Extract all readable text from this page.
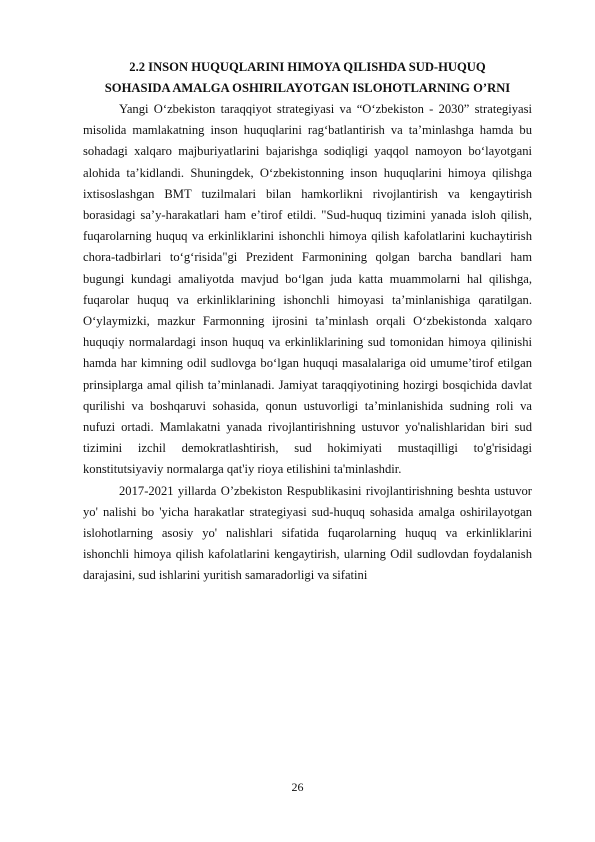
2.2 INSON HUQUQLARINI HIMOYA QILISHDA SUD-HUQUQ
SOHASIDA AMALGA OSHIRILAYOTGAN ISLOHOTLARNING O’RNI

Yangi O‘zbekiston taraqqiyot strategiyasi va “O‘zbekiston - 2030” strategiyasi misolida mamlakatning inson huquqlarini rag‘batlantirish va ta’minlashga hamda bu sohadagi xalqaro majburiyatlarini bajarishga sodiqligi yaqqol namoyon bo‘layotgani alohida ta’kidlandi. Shuningdek, O‘zbekistonning inson huquqlarini himoya qilishga ixtisoslashgan BMT tuzilmalari bilan hamkorlikni rivojlantirish va kengaytirish borasidagi sa’y-harakatlari ham e’tirof etildi. "Sud-huquq tizimini yanada isloh qilish, fuqarolarning huquq va erkinliklarini ishonchli himoya qilish kafolatlarini kuchaytirish chora-tadbirlari to‘g‘risida"gi Prezident Farmonining qolgan barcha bandlari ham bugungi kundagi amaliyotda mavjud bo‘lgan juda katta muammolarni hal qilishga, fuqarolar huquq va erkinliklarining ishonchli himoyasi ta’minlanishiga qaratilgan. O‘ylaymizki, mazkur Farmonning ijrosini ta’minlash orqali O‘zbekistonda xalqaro huquqiy normalardagi inson huquq va erkinliklarining sud tomonidan himoya qilinishi hamda har kimning odil sudlovga bo‘lgan huquqi masalalariga oid umume’tirof etilgan prinsiplarga amal qilish ta’minlanadi. Jamiyat taraqqiyotining hozirgi bosqichida davlat qurilishi va boshqaruvi sohasida, qonun ustuvorligi ta’minlanishida sudning roli va nufuzi ortadi. Mamlakatni yanada rivojlantirishning ustuvor yo'nalishlaridan biri sud tizimini izchil demokratlashtirish, sud hokimiyati mustaqilligi to'g'risidagi konstitutsiyaviy normalarga qat'iy rioya etilishini ta'minlashdir.

2017-2021 yillarda O’zbekiston Respublikasini rivojlantirishning beshta ustuvor yo' nalishi bo 'yicha harakatlar strategiyasi sud-huquq sohasida amalga oshirilayotgan islohotlarning asosiy yo' nalishlari sifatida fuqarolarning huquq va erkinliklarini ishonchli himoya qilish kafolatlarini kengaytirish, ularning Odil sudlovdan foydalanish darajasini, sud ishlarini yuritish samaradorligi va sifatini

26
